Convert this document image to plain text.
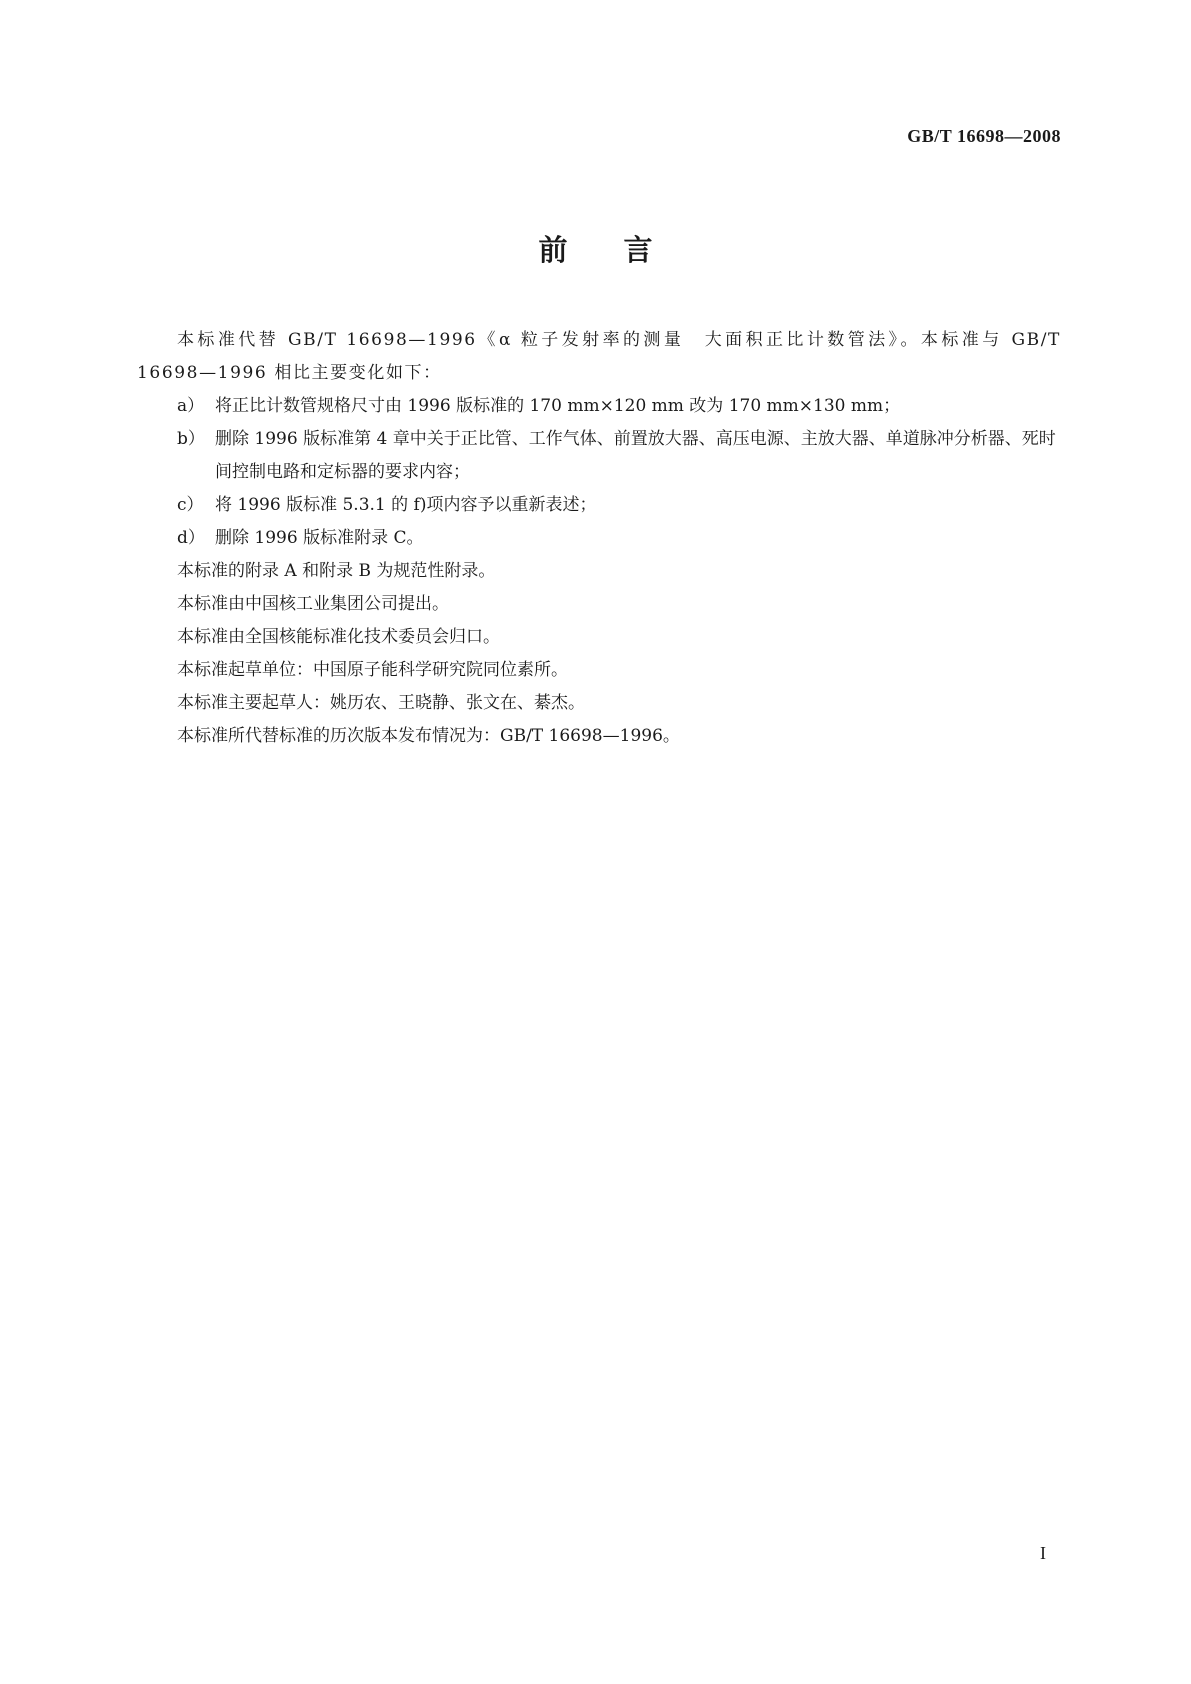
GB/T 16698—2008
前言

本标准代替 GB/T 16698—1996《α 粒子发射率的测量　大面积正比计数管法》。本标准与 GB/T 16698—1996 相比主要变化如下：

a） 将正比计数管规格尺寸由 1996 版标准的 170 mm×120 mm 改为 170 mm×130 mm；
b） 删除 1996 版标准第 4 章中关于正比管、工作气体、前置放大器、高压电源、主放大器、单道脉冲分析器、死时间控制电路和定标器的要求内容；
c） 将 1996 版标准 5.3.1 的 f)项内容予以重新表述；
d） 删除 1996 版标准附录 C。

本标准的附录 A 和附录 B 为规范性附录。

本标准由中国核工业集团公司提出。

本标准由全国核能标准化技术委员会归口。

本标准起草单位：中国原子能科学研究院同位素所。

本标准主要起草人：姚历农、王晓静、张文在、綦杰。

本标准所代替标准的历次版本发布情况为：GB/T 16698—1996。

I
